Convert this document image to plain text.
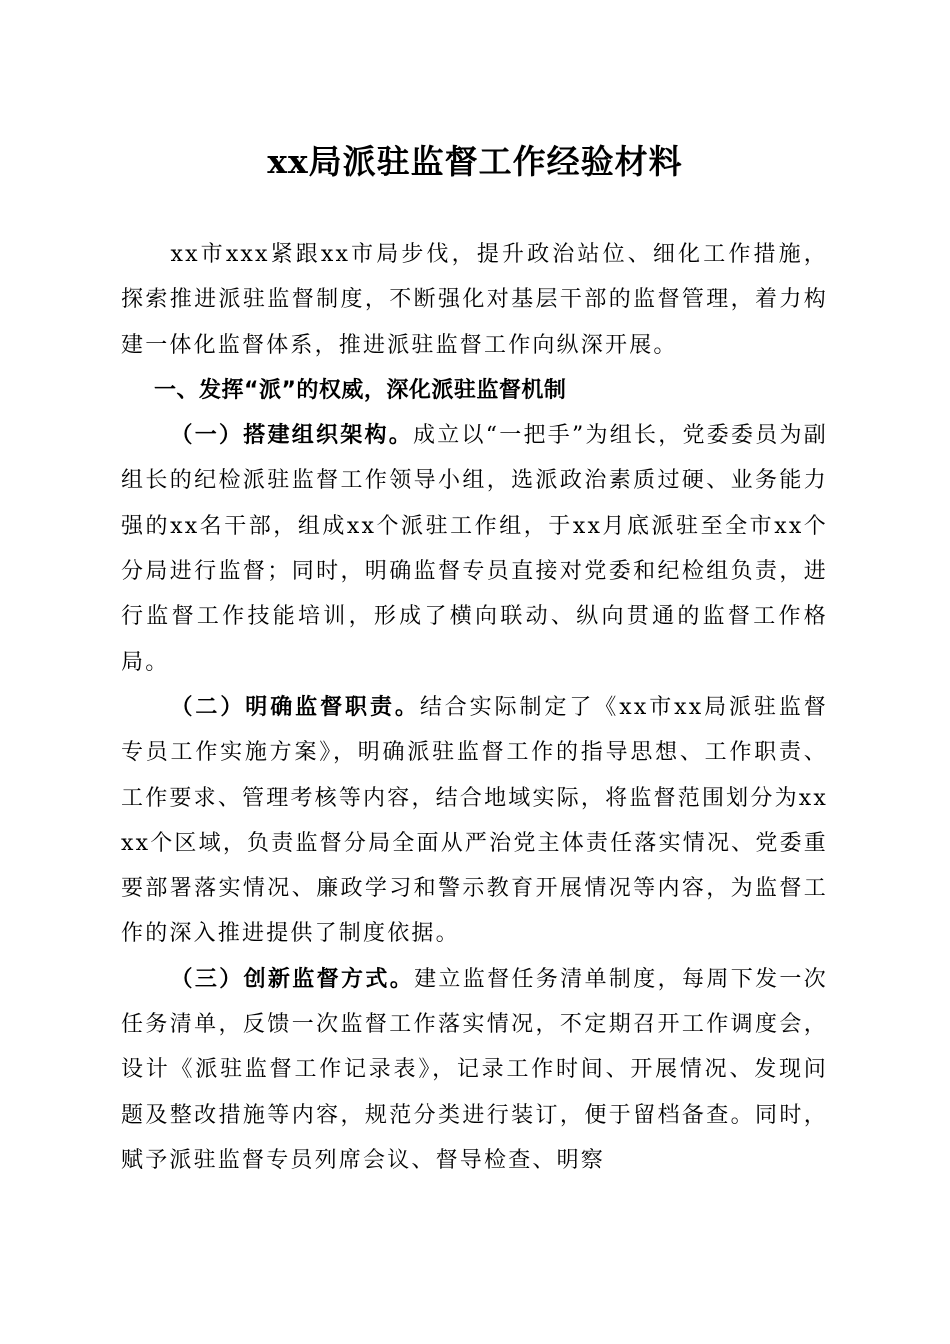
xx局派驻监督工作经验材料

xx市xxx紧跟xx市局步伐，提升政治站位、细化工作措施，探索推进派驻监督制度，不断强化对基层干部的监督管理，着力构建一体化监督体系，推进派驻监督工作向纵深开展。

一、发挥“派”的权威，深化派驻监督机制

（一）搭建组织架构。成立以“一把手”为组长，党委委员为副组长的纪检派驻监督工作领导小组，选派政治素质过硬、业务能力强的xx名干部，组成xx个派驻工作组，于xx月底派驻至全市xx个分局进行监督；同时，明确监督专员直接对党委和纪检组负责，进行监督工作技能培训，形成了横向联动、纵向贯通的监督工作格局。

（二）明确监督职责。结合实际制定了《xx市xx局派驻监督专员工作实施方案》，明确派驻监督工作的指导思想、工作职责、工作要求、管理考核等内容，结合地域实际，将监督范围划分为xxxx个区域，负责监督分局全面从严治党主体责任落实情况、党委重要部署落实情况、廉政学习和警示教育开展情况等内容，为监督工作的深入推进提供了制度依据。

（三）创新监督方式。建立监督任务清单制度，每周下发一次任务清单，反馈一次监督工作落实情况，不定期召开工作调度会，设计《派驻监督工作记录表》，记录工作时间、开展情况、发现问题及整改措施等内容，规范分类进行装订，便于留档备查。同时，赋予派驻监督专员列席会议、督导检查、明察
